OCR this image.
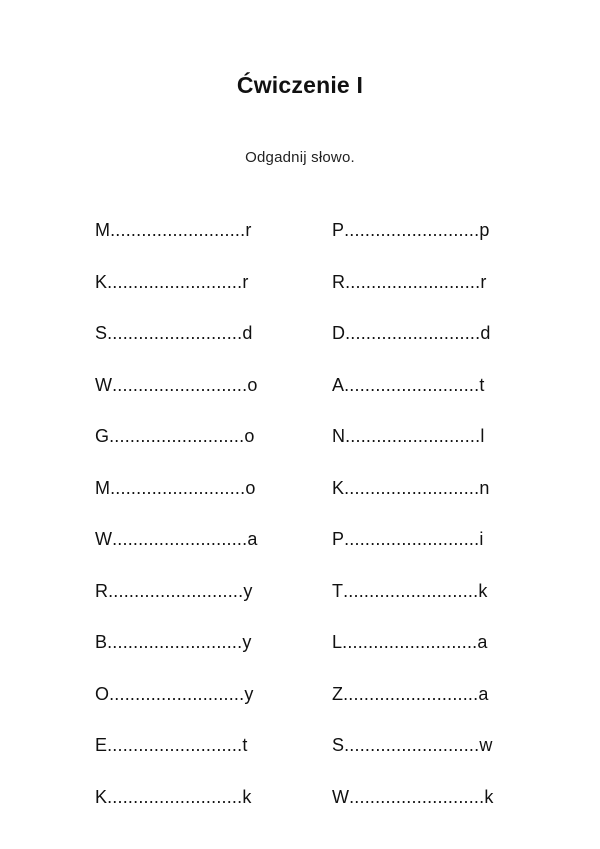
Ćwiczenie I
Odgadnij słowo.
M .......................... r
K .......................... r
S .......................... d
W .......................... o
G .......................... o
M .......................... o
W .......................... a
R .......................... y
B .......................... y
O .......................... y
E .......................... t
K .......................... k
P .......................... p
R .......................... r
D .......................... d
A .......................... t
N .......................... l
K .......................... n
P .......................... i
T .......................... k
L .......................... a
Z .......................... a
S .......................... w
W .......................... k
